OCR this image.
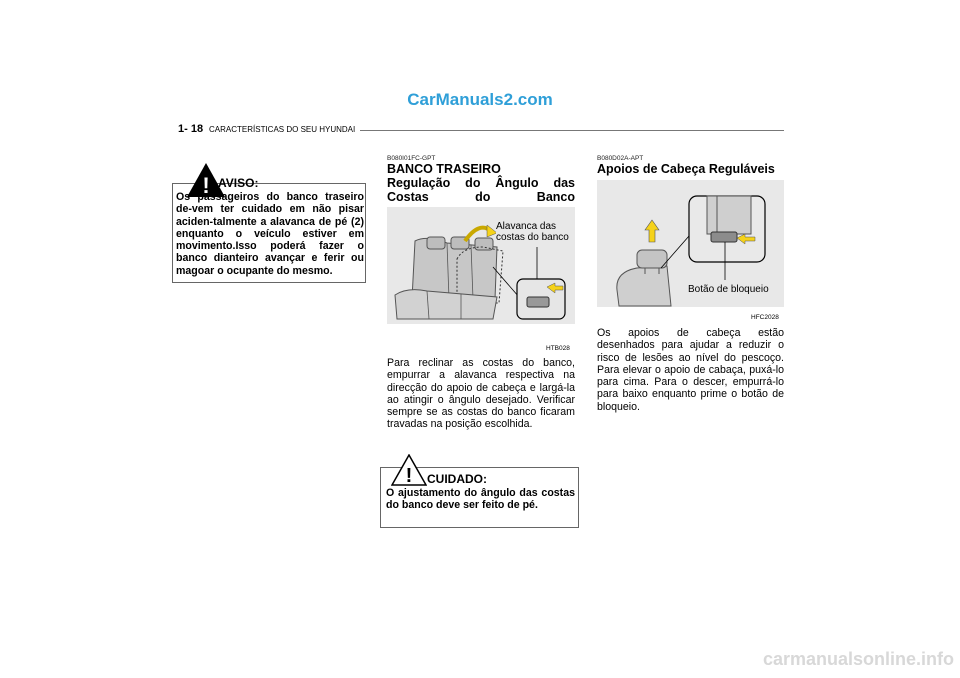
CarManuals2.com
1- 18 CARACTERÍSTICAS DO SEU HYUNDAI
! AVISO:
Os passageiros do banco traseiro de-vem ter cuidado em não pisar aciden-talmente a alavanca de pé (2) enquanto o veículo estiver em movimento.Isso poderá fazer o banco dianteiro avançar e ferir ou magoar o ocupante do mesmo.
B080I01FC-GPT
BANCO TRASEIRO
Regulação do Ângulo das Costas do Banco
Alavanca das
costas do banco
HTB028
Para reclinar as costas do banco, empurrar a alavanca respectiva na direcção do apoio de cabeça e largá-la ao atingir o ângulo desejado. Verificar sempre se as costas do banco ficaram travadas na posição escolhida.
! CUIDADO:
O ajustamento do ângulo das costas do banco deve ser feito de pé.
B080D02A-APT
Apoios de Cabeça Reguláveis
Botão de bloqueio
HFC2028
Os apoios de cabeça estão desenhados para ajudar a reduzir o risco de lesões ao nível do pescoço. Para elevar o apoio de cabaça, puxá-lo para cima. Para o descer, empurrá-lo para baixo enquanto prime o botão de bloqueio.
carmanualsonline.info
